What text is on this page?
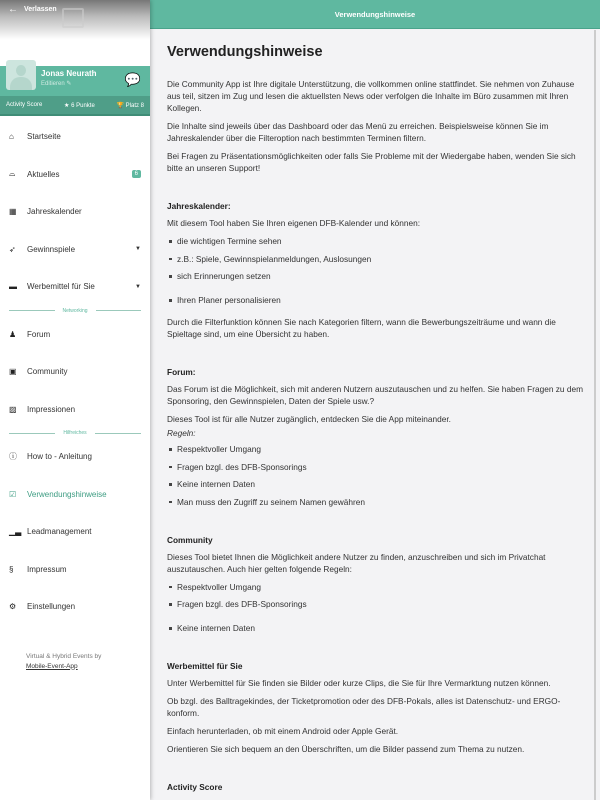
← Verlassen
Jonas Neurath
Editieren ✎	💬
Activity Score	★ 6 Punkte	🏆 Platz 8
⌂	Startseite
⌓	Aktuelles	6
▦	Jahreskalender
➶	Gewinnspiele	▼
▬	Werbemittel für Sie	▼
Networking
♟	Forum
▣	Community
▨	Impressionen
Hilfreiches
ⓘ	How to - Anleitung
☑	Verwendungshinweise
▁▃ Leadmanagement
§	Impressum
⚙	Einstellungen
Virtual & Hybrid Events by
Mobile-Event-App
Verwendungshinweise
Verwendungshinweise

Die Community App ist Ihre digitale Unterstützung, die vollkommen online stattfindet. Sie nehmen von Zuhause aus teil, sitzen im Zug und lesen die aktuellsten News oder verfolgen die Inhalte im Büro zusammen mit Ihren Kollegen.

Die Inhalte sind jeweils über das Dashboard oder das Menü zu erreichen. Beispielsweise können Sie im Jahreskalender über die Filteroption nach bestimmten Terminen filtern.

Bei Fragen zu Präsentationsmöglichkeiten oder falls Sie Probleme mit der Wiedergabe haben, wenden Sie sich bitte an unseren Support!

Jahreskalender:

Mit diesem Tool haben Sie Ihren eigenen DFB-Kalender und können:

die wichtigen Termine sehen
z.B.: Spiele, Gewinnspielanmeldungen, Auslosungen
sich Erinnerungen setzen
Ihren Planer personalisieren

Durch die Filterfunktion können Sie nach Kategorien filtern, wann die Bewerbungszeiträume und wann die Spieltage sind, um eine Übersicht zu haben.

Forum:

Das Forum ist die Möglichkeit, sich mit anderen Nutzern auszutauschen und zu helfen. Sie haben Fragen zu dem Sponsoring, den Gewinnspielen, Daten der Spiele usw.?

Dieses Tool ist für alle Nutzer zugänglich, entdecken Sie die App miteinander.

Regeln:
Respektvoller Umgang
Fragen bzgl. des DFB-Sponsorings
Keine internen Daten
Man muss den Zugriff zu seinem Namen gewähren
Community

Dieses Tool bietet Ihnen die Möglichkeit andere Nutzer zu finden, anzuschreiben und sich im Privatchat auszutauschen. Auch hier gelten folgende Regeln:

Respektvoller Umgang
Fragen bzgl. des DFB-Sponsorings
Keine internen Daten
Werbemittel für Sie

Unter Werbemittel für Sie finden sie Bilder oder kurze Clips, die Sie für Ihre Vermarktung nutzen können.

Ob bzgl. des Balltragekindes, der Ticketpromotion oder des DFB-Pokals, alles ist Datenschutz- und ERGO- konform.

Einfach herunterladen, ob mit einem Android oder Apple Gerät.

Orientieren Sie sich bequem an den Überschriften, um die Bilder passend zum Thema zu nutzen.

Activity Score
